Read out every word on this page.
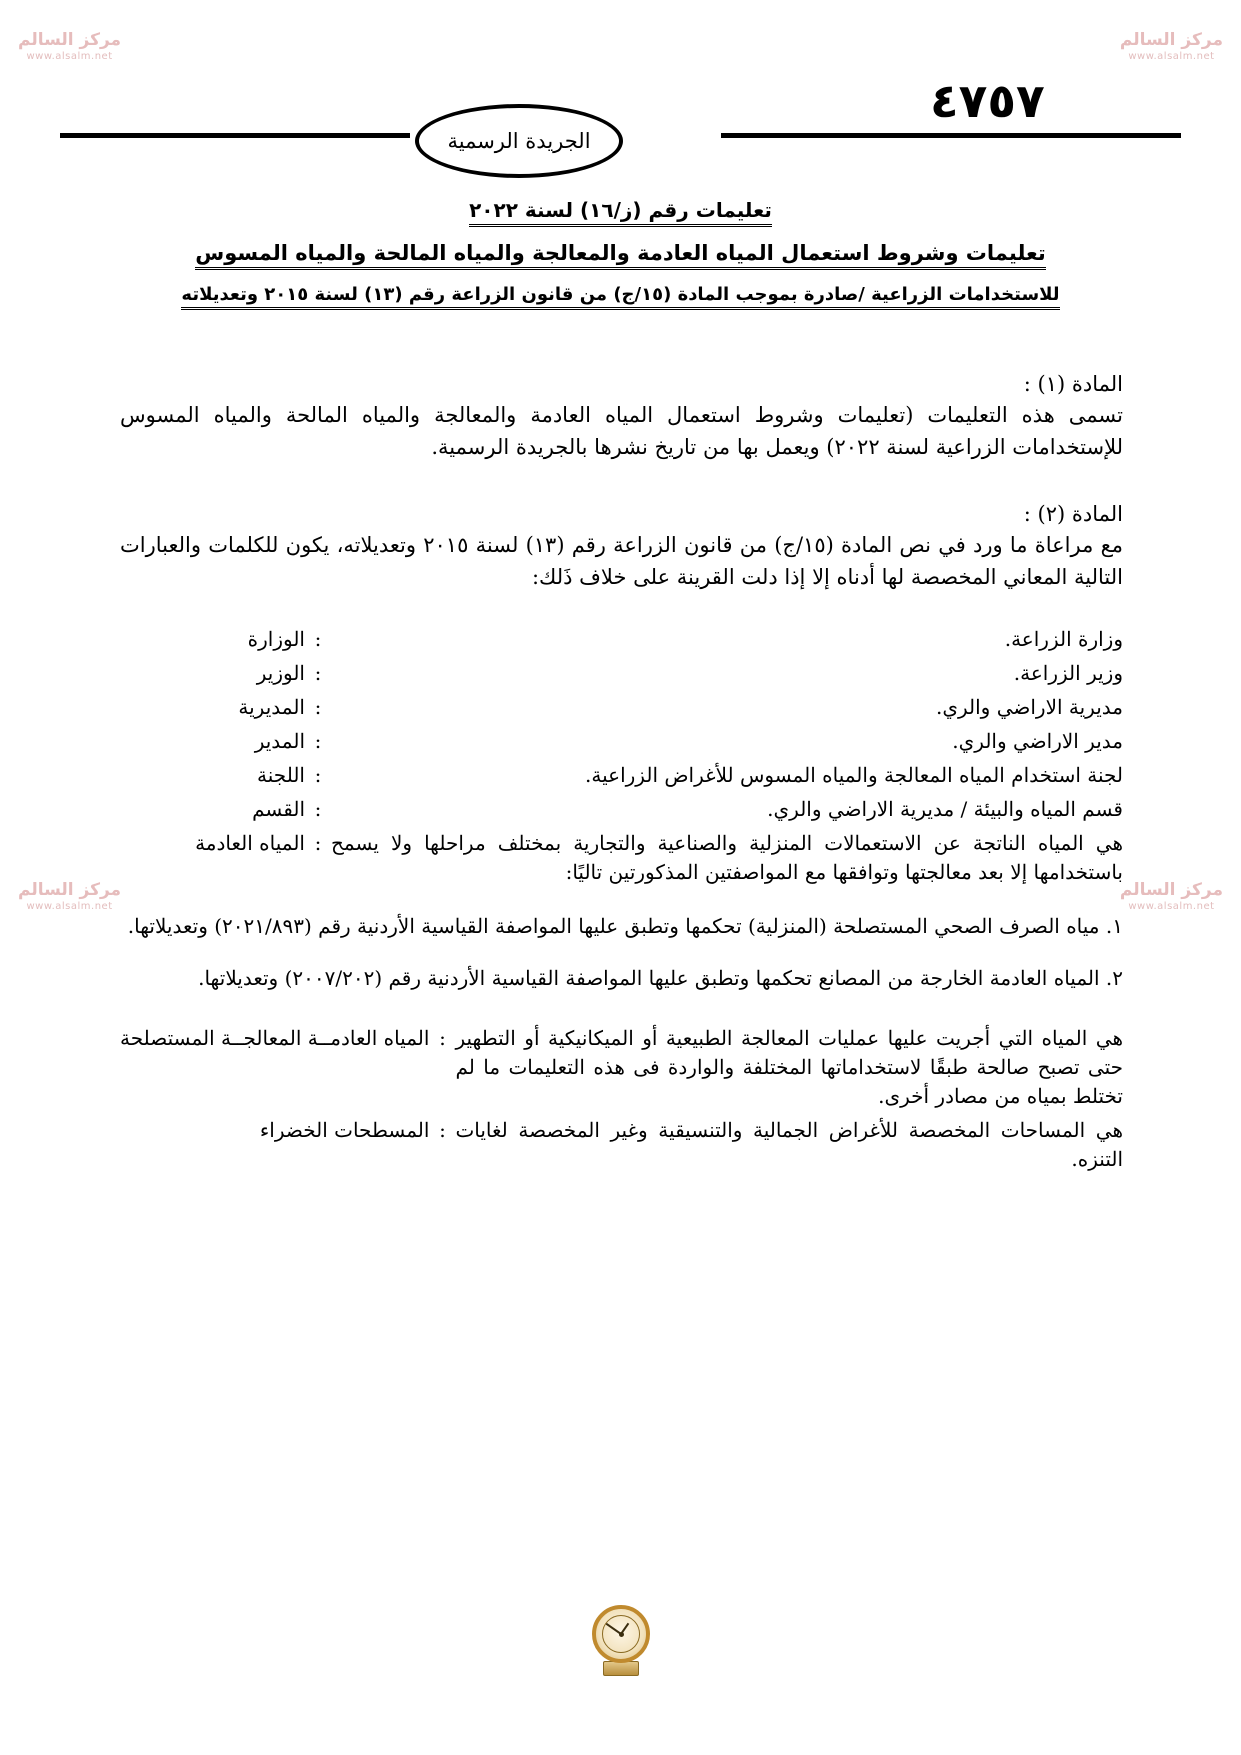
مركز السالم
www.alsalm.net
مركز السالم
www.alsalm.net
مركز السالم
www.alsalm.net
مركز السالم
www.alsalm.net
٤٧٥٧
الجريدة الرسمية
تعليمات رقم (ز/١٦) لسنة ٢٠٢٢
تعليمات وشروط استعمال المياه العادمة والمعالجة والمياه المالحة والمياه المسوس
للاستخدامات الزراعية /صادرة بموجب المادة (١٥/ج) من قانون الزراعة رقم (١٣) لسنة ٢٠١٥ وتعديلاته
المادة (١) :

تسمى هذه التعليمات (تعليمات وشروط استعمال المياه العادمة والمعالجة والمياه المالحة والمياه المسوس للإستخدامات الزراعية لسنة ٢٠٢٢) ويعمل بها من تاريخ نشرها بالجريدة الرسمية.

المادة (٢) :

مع مراعاة ما ورد في نص المادة (١٥/ج) من قانون الزراعة رقم (١٣) لسنة ٢٠١٥ وتعديلاته، يكون للكلمات والعبارات التالية المعاني المخصصة لها أدناه إلا إذا دلت القرينة على خلاف ذَلك:

وزارة الزراعة.	:	الوزارة
وزير الزراعة.	:	الوزير
مديرية الاراضي والري.	:	المديرية
مدير الاراضي والري.	:	المدير
لجنة استخدام المياه المعالجة والمياه المسوس للأغراض الزراعية.	:	اللجنة
قسم المياه والبيئة / مديرية الاراضي والري.	:	القسم
هي المياه الناتجة عن الاستعمالات المنزلية والصناعية والتجارية بمختلف مراحلها ولا يسمح باستخدامها إلا بعد معالجتها وتوافقها مع المواصفتين المذكورتين تاليًا:	:	المياه العادمة
١. مياه الصرف الصحي المستصلحة (المنزلية) تحكمها وتطبق عليها المواصفة القياسية الأردنية رقم (٢٠٢١/٨٩٣) وتعديلاتها.
٢. المياه العادمة الخارجة من المصانع تحكمها وتطبق عليها المواصفة القياسية الأردنية رقم (٢٠٠٧/٢٠٢) وتعديلاتها.
هي المياه التي أجريت عليها عمليات المعالجة الطبيعية أو الميكانيكية أو التطهير حتى تصبح صالحة طبقًا لاستخداماتها المختلفة والواردة فى هذه التعليمات ما لم تختلط بمياه من مصادر أخرى.	:	المياه العادمــة المعالجــة المستصلحة
هي المساحات المخصصة للأغراض الجمالية والتنسيقية وغير المخصصة لغايات التنزه.	:	المسطحات الخضراء
